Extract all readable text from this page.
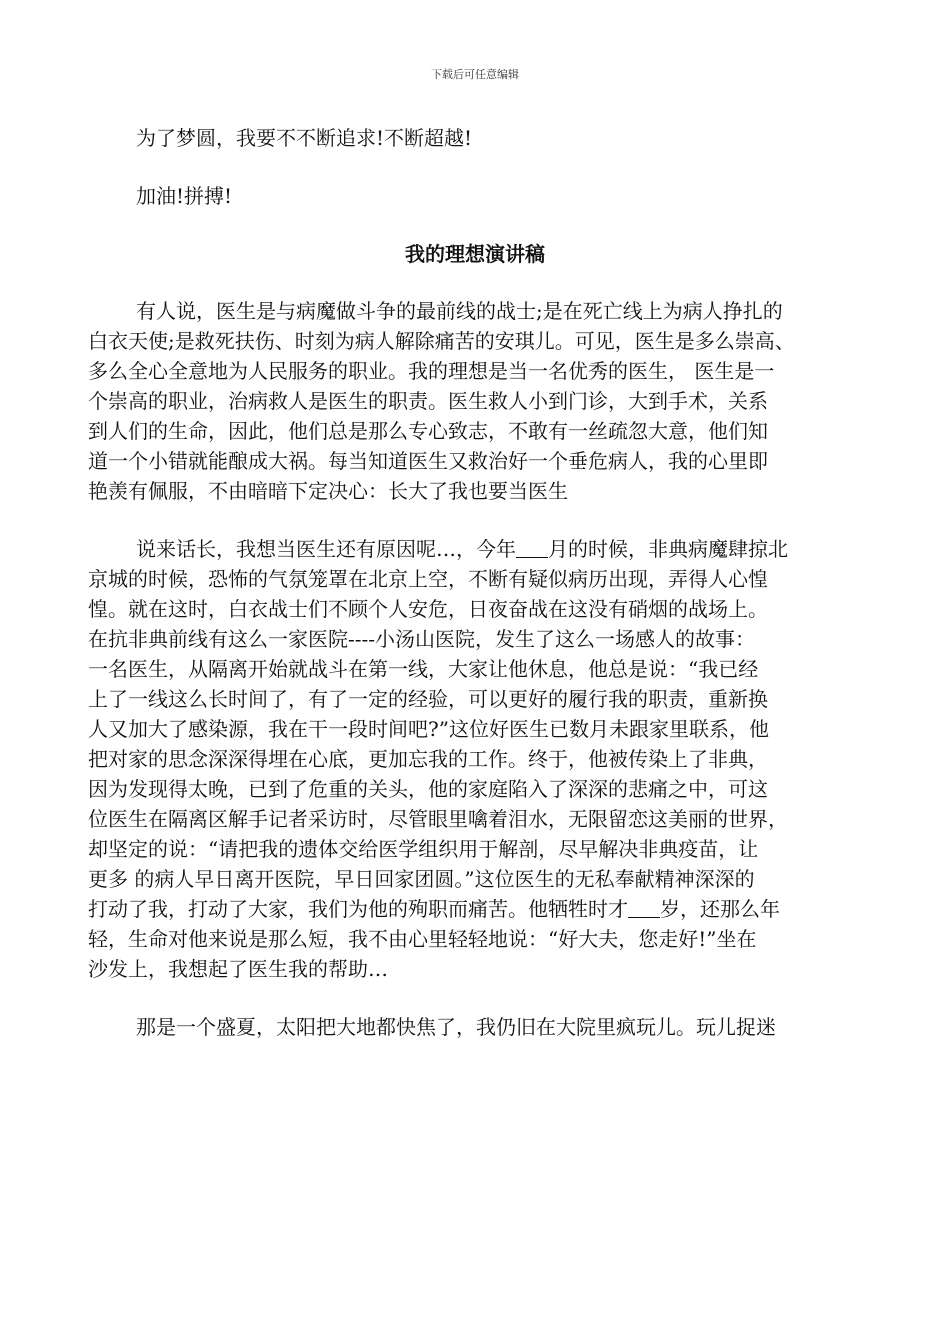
下载后可任意编辑
为了梦圆，我要不不断追求!不断超越!
加油!拼搏!
我的理想演讲稿
有人说，医生是与病魔做斗争的最前线的战士;是在死亡线上为病人挣扎的
白衣天使;是救死扶伤、时刻为病人解除痛苦的安琪儿。可见，医生是多么崇高、
多么全心全意地为人民服务的职业。我的理想是当一名优秀的医生， 医生是一
个崇高的职业，治病救人是医生的职责。医生救人小到门诊，大到手术，关系
到人们的生命，因此，他们总是那么专心致志，不敢有一丝疏忽大意，他们知
道一个小错就能酿成大祸。每当知道医生又救治好一个垂危病人，我的心里即
艳羡有佩服，不由暗暗下定决心：长大了我也要当医生
说来话长，我想当医生还有原因呢…，今年 月的时候，非典病魔肆掠北
京城的时候，恐怖的气氛笼罩在北京上空，不断有疑似病历出现，弄得人心惶
惶。就在这时，白衣战士们不顾个人安危，日夜奋战在这没有硝烟的战场上。
在抗非典前线有这么一家医院----小汤山医院，发生了这么一场感人的故事：
一名医生，从隔离开始就战斗在第一线，大家让他休息，他总是说：“我已经
上了一线这么长时间了，有了一定的经验，可以更好的履行我的职责，重新换
人又加大了感染源，我在干一段时间吧?”这位好医生已数月未跟家里联系，他
把对家的思念深深得埋在心底，更加忘我的工作。终于，他被传染上了非典，
因为发现得太晚，已到了危重的关头，他的家庭陷入了深深的悲痛之中，可这
位医生在隔离区解手记者采访时，尽管眼里噙着泪水，无限留恋这美丽的世界，
却坚定的说：“请把我的遗体交给医学组织用于解剖，尽早解决非典疫苗，让
更多 的病人早日离开医院，早日回家团圆。”这位医生的无私奉献精神深深的
打动了我，打动了大家，我们为他的殉职而痛苦。他牺牲时才 岁，还那么年
轻，生命对他来说是那么短，我不由心里轻轻地说：“好大夫，您走好!”坐在
沙发上，我想起了医生我的帮助…
那是一个盛夏，太阳把大地都快焦了，我仍旧在大院里疯玩儿。玩儿捉迷
